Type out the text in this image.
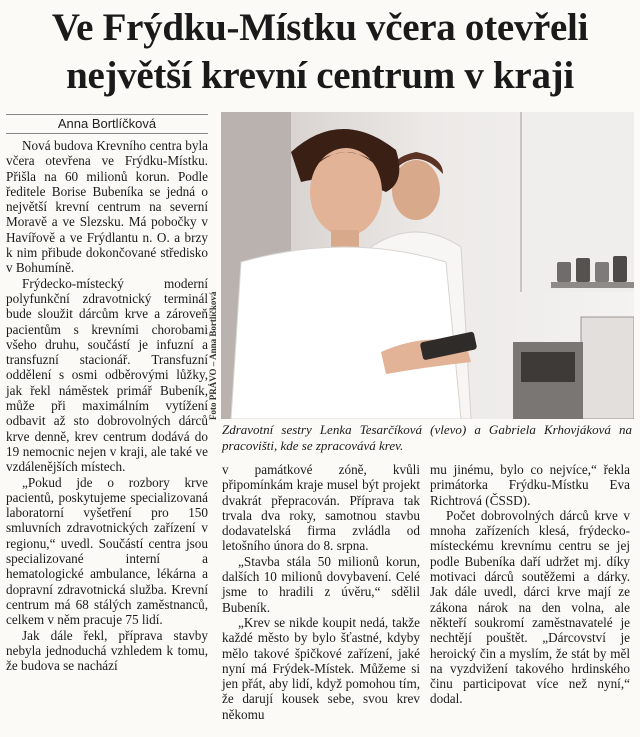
Ve Frýdku-Místku včera otevřeli
největší krevní centrum v kraji
Anna Bortlíčková

Nová budova Krevního centra byla včera otevřena ve Frýdku-Místku. Přišla na 60 milionů korun. Podle ředitele Borise Bubeníka se jedná o největší krevní centrum na severní Moravě a ve Slezsku. Má pobočky v Havířově a ve Frýdlantu n. O. a brzy k nim přibude dokončované středisko v Bohumíně.

Frýdecko-místecký moderní polyfunkční zdravotnický terminál bude sloužit dárcům krve a zároveň pacientům s krevními chorobami všeho druhu, součástí je infuzní a transfuzní stacionář. Transfuzní oddělení s osmi odběrovými lůžky, jak řekl náměstek primář Bubeník, může při maximálním vytížení odbavit až sto dobrovolných dárců krve denně, krev centrum dodává do 19 nemocnic nejen v kraji, ale také ve vzdálenějších místech.

„Pokud jde o rozbory krve pacientů, poskytujeme specializovaná laboratorní vyšetření pro 150 smluvních zdravotnických zařízení v regionu,“ uvedl. Součástí centra jsou specializované interní a hematologické ambulance, lékárna a dopravní zdravotnická služba. Krevní centrum má 68 stálých zaměstnanců, celkem v něm pracuje 75 lidí.

Jak dále řekl, příprava stavby nebyla jednoduchá vzhledem k tomu, že budova se nachází

Foto PRÁVO – Anna Bortlíčková
Zdravotní sestry Lenka Tesarčíková (vlevo) a Gabriela Krhovjáková na pracovišti, kde se zpracovává krev.

v památkové zóně, kvůli připomínkám kraje musel být projekt dvakrát přepracován. Příprava tak trvala dva roky, samotnou stavbu dodavatelská firma zvládla od letošního února do 8. srpna.

„Stavba stála 50 milionů korun, dalších 10 milionů dovybavení. Celé jsme to hradili z úvěru,“ sdělil Bubeník.

„Krev se nikde koupit nedá, takže každé město by bylo šťastné, kdyby mělo takové špičkové zařízení, jaké nyní má Frýdek-Místek. Můžeme si jen přát, aby lidí, když pomohou tím, že darují kousek sebe, svou krev někomu

mu jinému, bylo co nejvíce,“ řekla primátorka Frýdku-Místku Eva Richtrová (ČSSD).

Počet dobrovolných dárců krve v mnoha zařízeních klesá, frýdecko-místeckému krevnímu centru se jej podle Bubeníka daří udržet mj. díky motivaci dárců soutěžemi a dárky. Jak dále uvedl, dárci krve mají ze zákona nárok na den volna, ale někteří soukromí zaměstnavatelé je nechtějí pouštět. „Dárcovství je heroický čin a myslím, že stát by měl na vyzdvižení takového hrdinského činu participovat více než nyní,“ dodal.
